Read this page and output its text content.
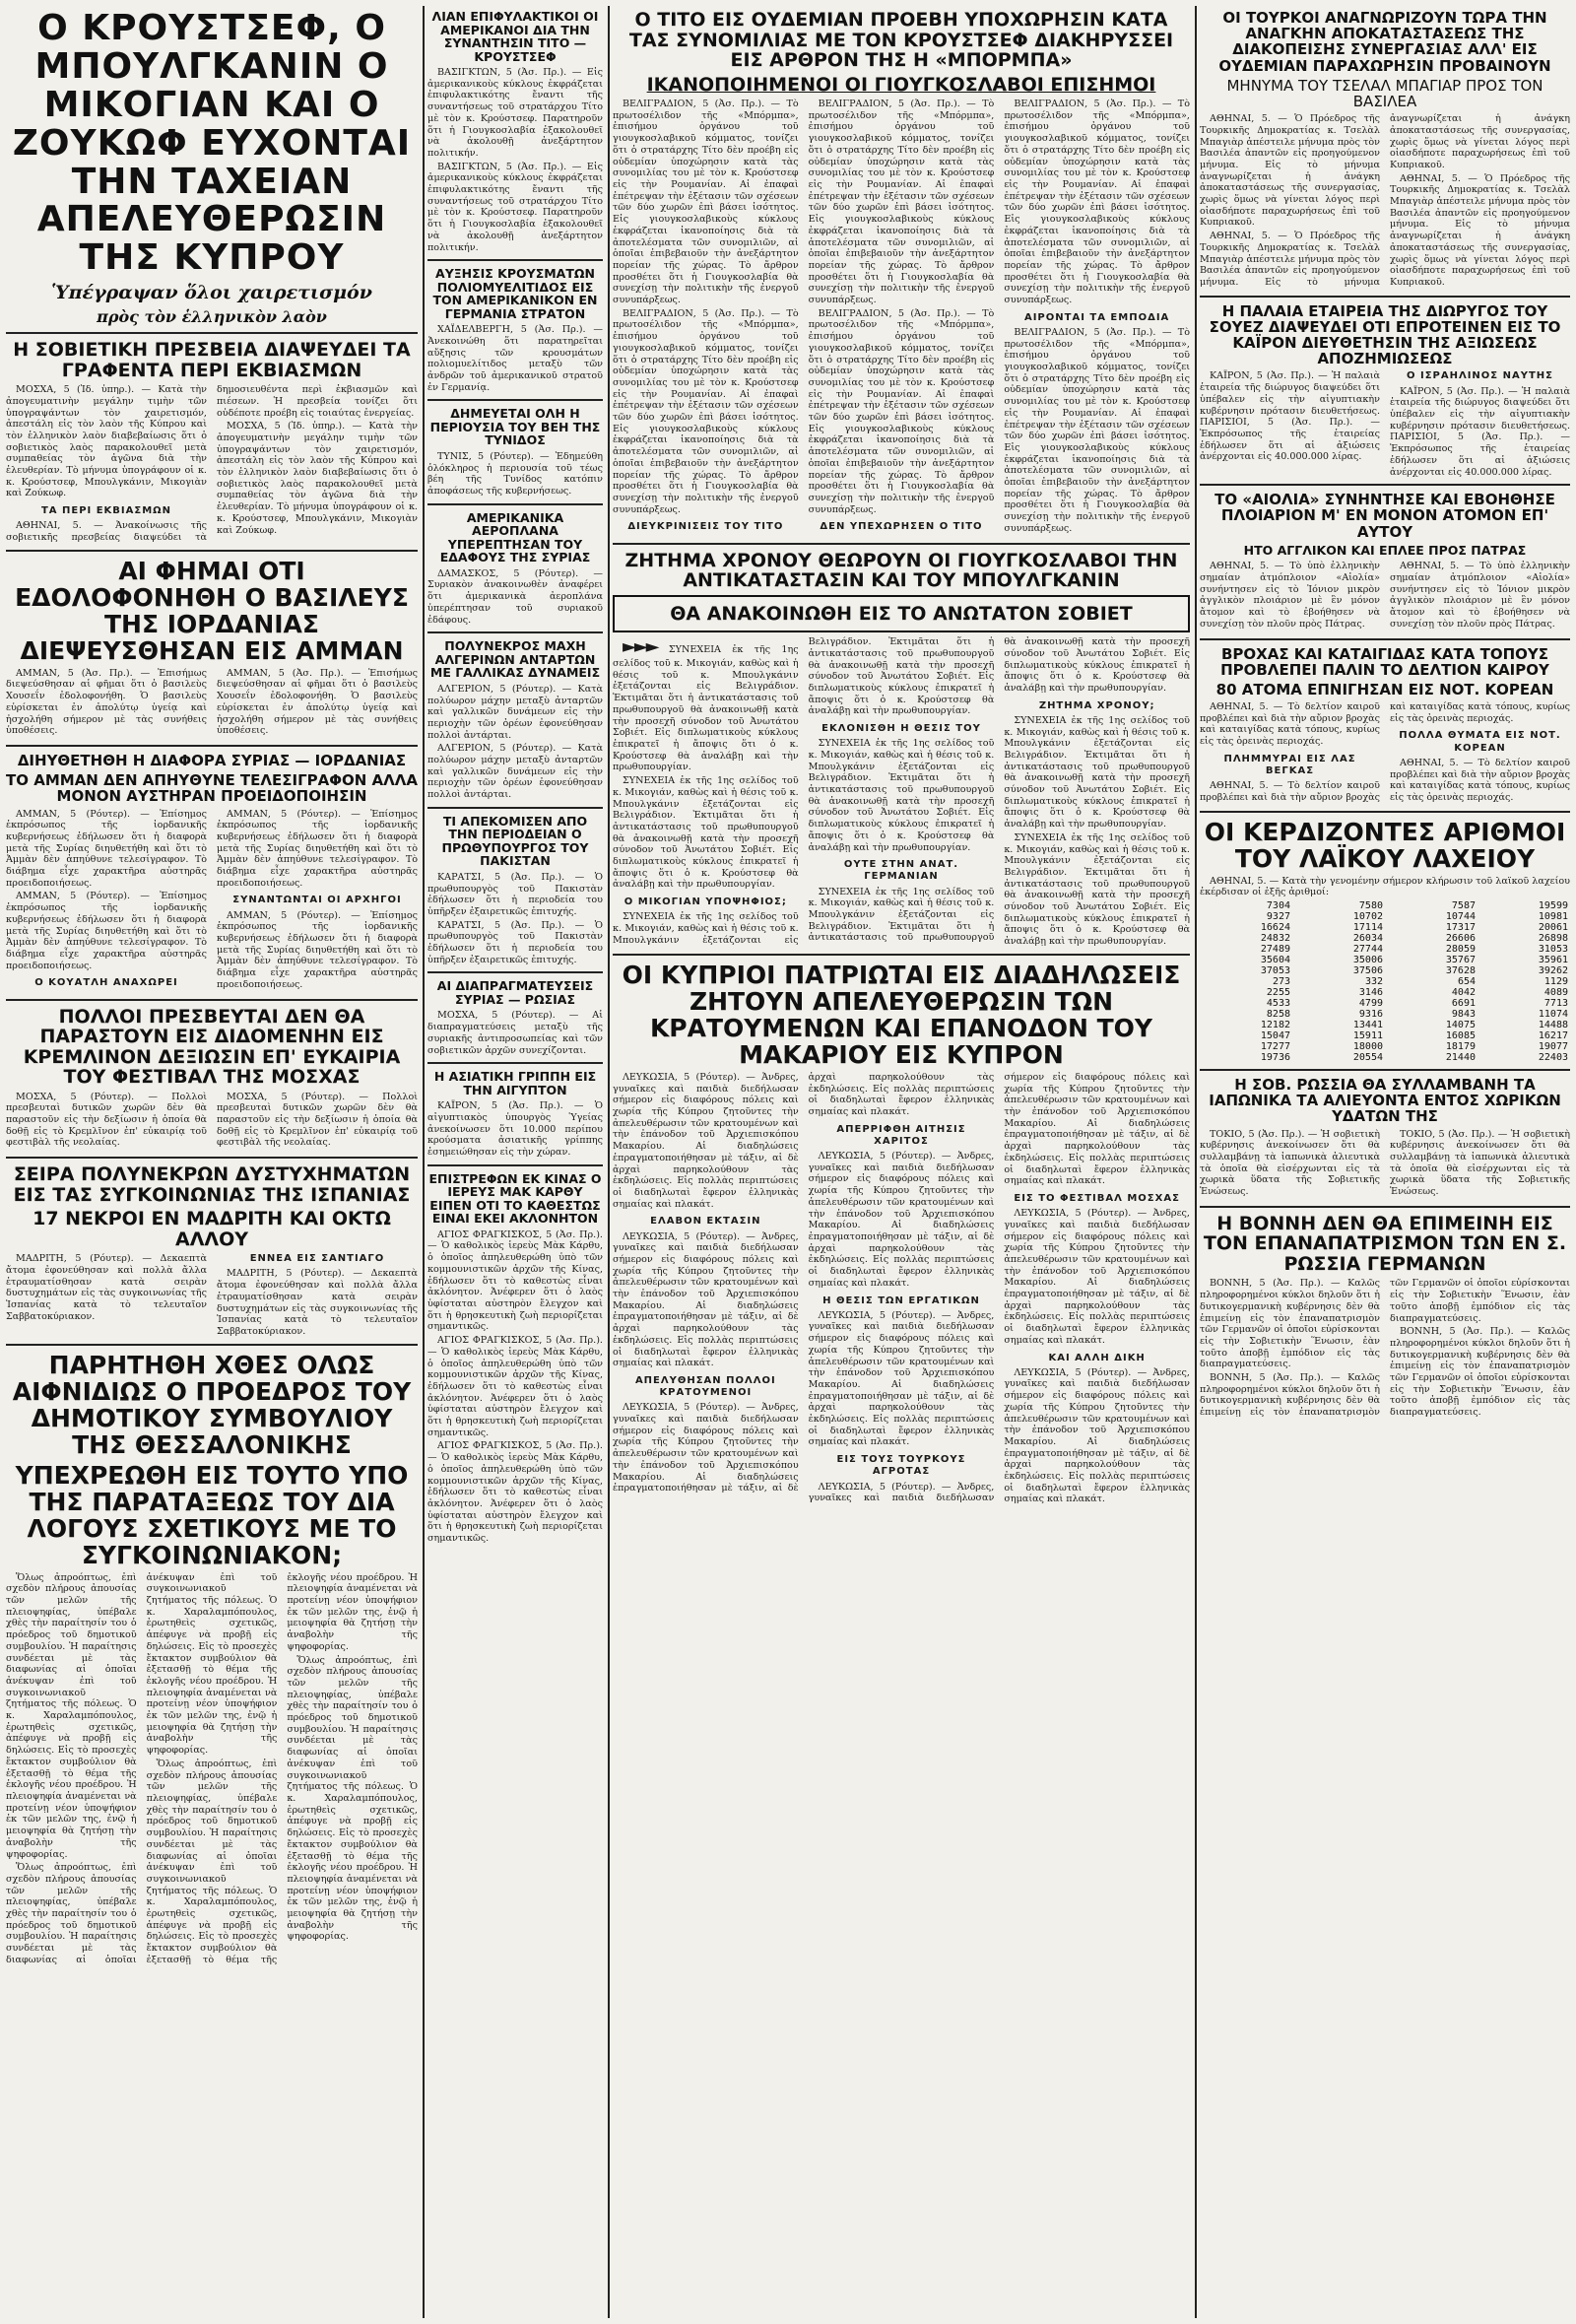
Ο ΚΡΟΥΣΤΣΕΦ, Ο ΜΠΟΥΛΓΚΑΝΙΝ Ο ΜΙΚΟΓΙΑΝ ΚΑΙ Ο ΖΟΥΚΩΦ ΕΥΧΟΝΤΑΙ ΤΗΝ ΤΑΧΕΙΑΝ ΑΠΕΛΕΥΘΕΡΩΣΙΝ ΤΗΣ ΚΥΠΡΟΥ
Ὑπέγραψαν ὅλοι χαιρετισμόν
πρὸς τὸν ἑλληνικὸν λαὸν
Η ΣΟΒΙΕΤΙΚΗ ΠΡΕΣΒΕΙΑ ΔΙΑΨΕΥΔΕΙ ΤΑ ΓΡΑΦΕΝΤΑ ΠΕΡΙ ΕΚΒΙΑΣΜΩΝ

ΜΟΣΧΑ, 5 (Ἰδ. ὑπηρ.). — Κατὰ τὴν ἀπογευματινὴν μεγάλην τιμὴν τῶν ὑπογραψάντων τὸν χαιρετισμόν, ἀπεστάλη εἰς τὸν λαὸν τῆς Κύπρου καὶ τὸν ἑλληνικὸν λαὸν διαβεβαίωσις ὅτι ὁ σοβιετικὸς λαὸς παρακολουθεῖ μετὰ συμπαθείας τὸν ἀγῶνα διὰ τὴν ἐλευθερίαν. Τὸ μήνυμα ὑπογράφουν οἱ κ. κ. Κρούστσεφ, Μπουλγκάνιν, Μικογιὰν καὶ Ζούκωφ.

ΤΑ ΠΕΡΙ ΕΚΒΙΑΣΜΩΝ

ΑΘΗΝΑΙ, 5. — Ἀνακοίνωσις τῆς σοβιετικῆς πρεσβείας διαψεύδει τὰ δημοσιευθέντα περὶ ἐκβιασμῶν καὶ πιέσεων. Ἡ πρεσβεία τονίζει ὅτι οὐδέποτε προέβη εἰς τοιαύτας ἐνεργείας.

ΜΟΣΧΑ, 5 (Ἰδ. ὑπηρ.). — Κατὰ τὴν ἀπογευματινὴν μεγάλην τιμὴν τῶν ὑπογραψάντων τὸν χαιρετισμόν, ἀπεστάλη εἰς τὸν λαὸν τῆς Κύπρου καὶ τὸν ἑλληνικὸν λαὸν διαβεβαίωσις ὅτι ὁ σοβιετικὸς λαὸς παρακολουθεῖ μετὰ συμπαθείας τὸν ἀγῶνα διὰ τὴν ἐλευθερίαν. Τὸ μήνυμα ὑπογράφουν οἱ κ. κ. Κρούστσεφ, Μπουλγκάνιν, Μικογιὰν καὶ Ζούκωφ.

ΑΙ ΦΗΜΑΙ ΟΤΙ ΕΔΟΛΟΦΟΝΗΘΗ Ο ΒΑΣΙΛΕΥΣ ΤΗΣ ΙΟΡΔΑΝΙΑΣ ΔΙΕΨΕΥΣΘΗΣΑΝ ΕΙΣ ΑΜΜΑΝ

ΑΜΜΑΝ, 5 (Ἀσ. Πρ.). — Ἐπισήμως διεψεύσθησαν αἱ φῆμαι ὅτι ὁ βασιλεὺς Χουσεΐν ἐδολοφονήθη. Ὁ βασιλεὺς εὑρίσκεται ἐν ἀπολύτῳ ὑγείᾳ καὶ ἠσχολήθη σήμερον μὲ τὰς συνήθεις ὑποθέσεις.

ΑΜΜΑΝ, 5 (Ἀσ. Πρ.). — Ἐπισήμως διεψεύσθησαν αἱ φῆμαι ὅτι ὁ βασιλεὺς Χουσεΐν ἐδολοφονήθη. Ὁ βασιλεὺς εὑρίσκεται ἐν ἀπολύτῳ ὑγείᾳ καὶ ἠσχολήθη σήμερον μὲ τὰς συνήθεις ὑποθέσεις.

ΔΙΗΥΘΕΤΗΘΗ Η ΔΙΑΦΟΡΑ ΣΥΡΙΑΣ — ΙΟΡΔΑΝΙΑΣ
ΤΟ ΑΜΜΑΝ ΔΕΝ ΑΠΗΥΘΥΝΕ ΤΕΛΕΣΙΓΡΑΦΟΝ ΑΛΛΑ ΜΟΝΟΝ ΑΥΣΤΗΡΑΝ ΠΡΟΕΙΔΟΠΟΙΗΣΙΝ

ΑΜΜΑΝ, 5 (Ρόυτερ). — Ἐπίσημος ἐκπρόσωπος τῆς ἰορδανικῆς κυβερνήσεως ἐδήλωσεν ὅτι ἡ διαφορὰ μετὰ τῆς Συρίας διηυθετήθη καὶ ὅτι τὸ Ἀμμὰν δὲν ἀπηύθυνε τελεσίγραφον. Τὸ διάβημα εἶχε χαρακτῆρα αὐστηρᾶς προειδοποιήσεως.

ΑΜΜΑΝ, 5 (Ρόυτερ). — Ἐπίσημος ἐκπρόσωπος τῆς ἰορδανικῆς κυβερνήσεως ἐδήλωσεν ὅτι ἡ διαφορὰ μετὰ τῆς Συρίας διηυθετήθη καὶ ὅτι τὸ Ἀμμὰν δὲν ἀπηύθυνε τελεσίγραφον. Τὸ διάβημα εἶχε χαρακτῆρα αὐστηρᾶς προειδοποιήσεως.

Ο ΚΟΥΑΤΛΗ ΑΝΑΧΩΡΕΙ

ΑΜΜΑΝ, 5 (Ρόυτερ). — Ἐπίσημος ἐκπρόσωπος τῆς ἰορδανικῆς κυβερνήσεως ἐδήλωσεν ὅτι ἡ διαφορὰ μετὰ τῆς Συρίας διηυθετήθη καὶ ὅτι τὸ Ἀμμὰν δὲν ἀπηύθυνε τελεσίγραφον. Τὸ διάβημα εἶχε χαρακτῆρα αὐστηρᾶς προειδοποιήσεως.

ΣΥΝΑΝΤΩΝΤΑΙ ΟΙ ΑΡΧΗΓΟΙ

ΑΜΜΑΝ, 5 (Ρόυτερ). — Ἐπίσημος ἐκπρόσωπος τῆς ἰορδανικῆς κυβερνήσεως ἐδήλωσεν ὅτι ἡ διαφορὰ μετὰ τῆς Συρίας διηυθετήθη καὶ ὅτι τὸ Ἀμμὰν δὲν ἀπηύθυνε τελεσίγραφον. Τὸ διάβημα εἶχε χαρακτῆρα αὐστηρᾶς προειδοποιήσεως.

ΠΟΛΛΟΙ ΠΡΕΣΒΕΥΤΑΙ ΔΕΝ ΘΑ ΠΑΡΑΣΤΟΥΝ ΕΙΣ ΔΙΔΟΜΕΝΗΝ ΕΙΣ ΚΡΕΜΛΙΝΟΝ ΔΕΞΙΩΣΙΝ ΕΠ' ΕΥΚΑΙΡΙΑ ΤΟΥ ΦΕΣΤΙΒΑΛ ΤΗΣ ΜΟΣΧΑΣ

ΜΟΣΧΑ, 5 (Ρόυτερ). — Πολλοὶ πρεσβευταὶ δυτικῶν χωρῶν δὲν θὰ παραστοῦν εἰς τὴν δεξίωσιν ἡ ὁποία θὰ δοθῇ εἰς τὸ Κρεμλῖνον ἐπ' εὐκαιρίᾳ τοῦ φεστιβὰλ τῆς νεολαίας.

ΜΟΣΧΑ, 5 (Ρόυτερ). — Πολλοὶ πρεσβευταὶ δυτικῶν χωρῶν δὲν θὰ παραστοῦν εἰς τὴν δεξίωσιν ἡ ὁποία θὰ δοθῇ εἰς τὸ Κρεμλῖνον ἐπ' εὐκαιρίᾳ τοῦ φεστιβὰλ τῆς νεολαίας.

ΣΕΙΡΑ ΠΟΛΥΝΕΚΡΩΝ ΔΥΣΤΥΧΗΜΑΤΩΝ ΕΙΣ ΤΑΣ ΣΥΓΚΟΙΝΩΝΙΑΣ ΤΗΣ ΙΣΠΑΝΙΑΣ
17 ΝΕΚΡΟΙ ΕΝ ΜΑΔΡΙΤΗ ΚΑΙ ΟΚΤΩ ΑΛΛΟΥ

ΜΑΔΡΙΤΗ, 5 (Ρόυτερ). — Δεκαεπτὰ ἄτομα ἐφονεύθησαν καὶ πολλὰ ἄλλα ἐτραυματίσθησαν κατὰ σειρὰν δυστυχημάτων εἰς τὰς συγκοινωνίας τῆς Ἰσπανίας κατὰ τὸ τελευταῖον Σαββατοκύριακον.

ΕΝΝΕΑ ΕΙΣ ΣΑΝΤΙΑΓΟ

ΜΑΔΡΙΤΗ, 5 (Ρόυτερ). — Δεκαεπτὰ ἄτομα ἐφονεύθησαν καὶ πολλὰ ἄλλα ἐτραυματίσθησαν κατὰ σειρὰν δυστυχημάτων εἰς τὰς συγκοινωνίας τῆς Ἰσπανίας κατὰ τὸ τελευταῖον Σαββατοκύριακον.

ΠΑΡΗΤΗΘΗ ΧΘΕΣ ΟΛΩΣ ΑΙΦΝΙΔΙΩΣ Ο ΠΡΟΕΔΡΟΣ ΤΟΥ ΔΗΜΟΤΙΚΟΥ ΣΥΜΒΟΥΛΙΟΥ ΤΗΣ ΘΕΣΣΑΛΟΝΙΚΗΣ
ΥΠΕΧΡΕΩΘΗ ΕΙΣ ΤΟΥΤΟ ΥΠΟ ΤΗΣ ΠΑΡΑΤΑΞΕΩΣ ΤΟΥ ΔΙΑ ΛΟΓΟΥΣ ΣΧΕΤΙΚΟΥΣ ΜΕ ΤΟ ΣΥΓΚΟΙΝΩΝΙΑΚΟΝ;

Ὅλως ἀπροόπτως, ἐπὶ σχεδὸν πλήρους ἀπουσίας τῶν μελῶν τῆς πλειοψηφίας, ὑπέβαλε χθὲς τὴν παραίτησίν του ὁ πρόεδρος τοῦ δημοτικοῦ συμβουλίου. Ἡ παραίτησις συνδέεται μὲ τὰς διαφωνίας αἱ ὁποῖαι ἀνέκυψαν ἐπὶ τοῦ συγκοινωνιακοῦ ζητήματος τῆς πόλεως. Ὁ κ. Χαραλαμπόπουλος, ἐρωτηθεὶς σχετικῶς, ἀπέφυγε νὰ προβῇ εἰς δηλώσεις. Εἰς τὸ προσεχὲς ἔκτακτον συμβούλιον θὰ ἐξετασθῇ τὸ θέμα τῆς ἐκλογῆς νέου προέδρου. Ἡ πλειοψηφία ἀναμένεται νὰ προτείνῃ νέον ὑποψήφιον ἐκ τῶν μελῶν της, ἐνῷ ἡ μειοψηφία θὰ ζητήσῃ τὴν ἀναβολὴν τῆς ψηφοφορίας.

Ὅλως ἀπροόπτως, ἐπὶ σχεδὸν πλήρους ἀπουσίας τῶν μελῶν τῆς πλειοψηφίας, ὑπέβαλε χθὲς τὴν παραίτησίν του ὁ πρόεδρος τοῦ δημοτικοῦ συμβουλίου. Ἡ παραίτησις συνδέεται μὲ τὰς διαφωνίας αἱ ὁποῖαι ἀνέκυψαν ἐπὶ τοῦ συγκοινωνιακοῦ ζητήματος τῆς πόλεως. Ὁ κ. Χαραλαμπόπουλος, ἐρωτηθεὶς σχετικῶς, ἀπέφυγε νὰ προβῇ εἰς δηλώσεις. Εἰς τὸ προσεχὲς ἔκτακτον συμβούλιον θὰ ἐξετασθῇ τὸ θέμα τῆς ἐκλογῆς νέου προέδρου. Ἡ πλειοψηφία ἀναμένεται νὰ προτείνῃ νέον ὑποψήφιον ἐκ τῶν μελῶν της, ἐνῷ ἡ μειοψηφία θὰ ζητήσῃ τὴν ἀναβολὴν τῆς ψηφοφορίας.

Ὅλως ἀπροόπτως, ἐπὶ σχεδὸν πλήρους ἀπουσίας τῶν μελῶν τῆς πλειοψηφίας, ὑπέβαλε χθὲς τὴν παραίτησίν του ὁ πρόεδρος τοῦ δημοτικοῦ συμβουλίου. Ἡ παραίτησις συνδέεται μὲ τὰς διαφωνίας αἱ ὁποῖαι ἀνέκυψαν ἐπὶ τοῦ συγκοινωνιακοῦ ζητήματος τῆς πόλεως. Ὁ κ. Χαραλαμπόπουλος, ἐρωτηθεὶς σχετικῶς, ἀπέφυγε νὰ προβῇ εἰς δηλώσεις. Εἰς τὸ προσεχὲς ἔκτακτον συμβούλιον θὰ ἐξετασθῇ τὸ θέμα τῆς ἐκλογῆς νέου προέδρου. Ἡ πλειοψηφία ἀναμένεται νὰ προτείνῃ νέον ὑποψήφιον ἐκ τῶν μελῶν της, ἐνῷ ἡ μειοψηφία θὰ ζητήσῃ τὴν ἀναβολὴν τῆς ψηφοφορίας.

Ὅλως ἀπροόπτως, ἐπὶ σχεδὸν πλήρους ἀπουσίας τῶν μελῶν τῆς πλειοψηφίας, ὑπέβαλε χθὲς τὴν παραίτησίν του ὁ πρόεδρος τοῦ δημοτικοῦ συμβουλίου. Ἡ παραίτησις συνδέεται μὲ τὰς διαφωνίας αἱ ὁποῖαι ἀνέκυψαν ἐπὶ τοῦ συγκοινωνιακοῦ ζητήματος τῆς πόλεως. Ὁ κ. Χαραλαμπόπουλος, ἐρωτηθεὶς σχετικῶς, ἀπέφυγε νὰ προβῇ εἰς δηλώσεις. Εἰς τὸ προσεχὲς ἔκτακτον συμβούλιον θὰ ἐξετασθῇ τὸ θέμα τῆς ἐκλογῆς νέου προέδρου. Ἡ πλειοψηφία ἀναμένεται νὰ προτείνῃ νέον ὑποψήφιον ἐκ τῶν μελῶν της, ἐνῷ ἡ μειοψηφία θὰ ζητήσῃ τὴν ἀναβολὴν τῆς ψηφοφορίας.

ΛΙΑΝ ΕΠΙΦΥΛΑΚΤΙΚΟΙ ΟΙ ΑΜΕΡΙΚΑΝΟΙ ΔΙΑ ΤΗΝ ΣΥΝΑΝΤΗΣΙΝ ΤΙΤΟ — ΚΡΟΥΣΤΣΕΦ

ΒΑΣΙΓΚΤΩΝ, 5 (Ἀσ. Πρ.). — Εἰς ἀμερικανικοὺς κύκλους ἐκφράζεται ἐπιφυλακτικότης ἔναντι τῆς συναντήσεως τοῦ στρατάρχου Τίτο μὲ τὸν κ. Κρούστσεφ. Παρατηροῦν ὅτι ἡ Γιουγκοσλαβία ἐξακολουθεῖ νὰ ἀκολουθῇ ἀνεξάρτητον πολιτικήν.

ΒΑΣΙΓΚΤΩΝ, 5 (Ἀσ. Πρ.). — Εἰς ἀμερικανικοὺς κύκλους ἐκφράζεται ἐπιφυλακτικότης ἔναντι τῆς συναντήσεως τοῦ στρατάρχου Τίτο μὲ τὸν κ. Κρούστσεφ. Παρατηροῦν ὅτι ἡ Γιουγκοσλαβία ἐξακολουθεῖ νὰ ἀκολουθῇ ἀνεξάρτητον πολιτικήν.

ΑΥΞΗΣΙΣ ΚΡΟΥΣΜΑΤΩΝ ΠΟΛΙΟΜΥΕΛΙΤΙΔΟΣ ΕΙΣ ΤΟΝ ΑΜΕΡΙΚΑΝΙΚΟΝ ΕΝ ΓΕΡΜΑΝΙΑ ΣΤΡΑΤΟΝ

ΧΑΪΔΕΛΒΕΡΓΗ, 5 (Ἀσ. Πρ.). — Ἀνεκοινώθη ὅτι παρατηρεῖται αὔξησις τῶν κρουσμάτων πολιομυελίτιδος μεταξὺ τῶν ἀνδρῶν τοῦ ἀμερικανικοῦ στρατοῦ ἐν Γερμανίᾳ.

ΔΗΜΕΥΕΤΑΙ ΟΛΗ Η ΠΕΡΙΟΥΣΙΑ ΤΟΥ ΒΕΗ ΤΗΣ ΤΥΝΙΔΟΣ

ΤΥΝΙΣ, 5 (Ρόυτερ). — Ἐδημεύθη ὁλόκληρος ἡ περιουσία τοῦ τέως βέη τῆς Τυνίδος κατόπιν ἀποφάσεως τῆς κυβερνήσεως.

ΑΜΕΡΙΚΑΝΙΚΑ ΑΕΡΟΠΛΑΝΑ ΥΠΕΡΕΠΤΗΣΑΝ ΤΟΥ ΕΔΑΦΟΥΣ ΤΗΣ ΣΥΡΙΑΣ

ΔΑΜΑΣΚΟΣ, 5 (Ρόυτερ). — Συριακὸν ἀνακοινωθὲν ἀναφέρει ὅτι ἀμερικανικὰ ἀεροπλάνα ὑπερέπτησαν τοῦ συριακοῦ ἐδάφους.

ΠΟΛΥΝΕΚΡΟΣ ΜΑΧΗ ΑΛΓΕΡΙΝΩΝ ΑΝΤΑΡΤΩΝ ΜΕ ΓΑΛΛΙΚΑΣ ΔΥΝΑΜΕΙΣ

ΑΛΓΕΡΙΟΝ, 5 (Ρόυτερ). — Κατὰ πολύωρον μάχην μεταξὺ ἀνταρτῶν καὶ γαλλικῶν δυνάμεων εἰς τὴν περιοχὴν τῶν ὀρέων ἐφονεύθησαν πολλοὶ ἀντάρται.

ΑΛΓΕΡΙΟΝ, 5 (Ρόυτερ). — Κατὰ πολύωρον μάχην μεταξὺ ἀνταρτῶν καὶ γαλλικῶν δυνάμεων εἰς τὴν περιοχὴν τῶν ὀρέων ἐφονεύθησαν πολλοὶ ἀντάρται.

ΤΙ ΑΠΕΚΟΜΙΣΕΝ ΑΠΟ ΤΗΝ ΠΕΡΙΟΔΕΙΑΝ Ο ΠΡΩΘΥΠΟΥΡΓΟΣ ΤΟΥ ΠΑΚΙΣΤΑΝ

ΚΑΡΑΤΣΙ, 5 (Ἀσ. Πρ.). — Ὁ πρωθυπουργὸς τοῦ Πακιστὰν ἐδήλωσεν ὅτι ἡ περιοδεία του ὑπῆρξεν ἐξαιρετικῶς ἐπιτυχής.

ΚΑΡΑΤΣΙ, 5 (Ἀσ. Πρ.). — Ὁ πρωθυπουργὸς τοῦ Πακιστὰν ἐδήλωσεν ὅτι ἡ περιοδεία του ὑπῆρξεν ἐξαιρετικῶς ἐπιτυχής.

ΑΙ ΔΙΑΠΡΑΓΜΑΤΕΥΣΕΙΣ ΣΥΡΙΑΣ — ΡΩΣΙΑΣ

ΜΟΣΧΑ, 5 (Ρόυτερ). — Αἱ διαπραγματεύσεις μεταξὺ τῆς συριακῆς ἀντιπροσωπείας καὶ τῶν σοβιετικῶν ἀρχῶν συνεχίζονται.

Η ΑΣΙΑΤΙΚΗ ΓΡΙΠΠΗ ΕΙΣ ΤΗΝ ΑΙΓΥΠΤΟΝ

ΚΑΪΡΟΝ, 5 (Ἀσ. Πρ.). — Ὁ αἰγυπτιακὸς ὑπουργὸς Ὑγείας ἀνεκοίνωσεν ὅτι 10.000 περίπου κρούσματα ἀσιατικῆς γρίππης ἐσημειώθησαν εἰς τὴν χώραν.

ΕΠΙΣΤΡΕΦΩΝ ΕΚ ΚΙΝΑΣ Ο ΙΕΡΕΥΣ ΜΑΚ ΚΑΡΘΥ ΕΙΠΕΝ ΟΤΙ ΤΟ ΚΑΘΕΣΤΩΣ ΕΙΝΑΙ ΕΚΕΙ ΑΚΛΟΝΗΤΟΝ

ΑΓΙΟΣ ΦΡΑΓΚΙΣΚΟΣ, 5 (Ἀσ. Πρ.). — Ὁ καθολικὸς ἱερεὺς Μὰκ Κάρθυ, ὁ ὁποῖος ἀπηλευθερώθη ὑπὸ τῶν κομμουνιστικῶν ἀρχῶν τῆς Κίνας, ἐδήλωσεν ὅτι τὸ καθεστὼς εἶναι ἀκλόνητον. Ἀνέφερεν ὅτι ὁ λαὸς ὑφίσταται αὐστηρὸν ἔλεγχον καὶ ὅτι ἡ θρησκευτικὴ ζωὴ περιορίζεται σημαντικῶς.

ΑΓΙΟΣ ΦΡΑΓΚΙΣΚΟΣ, 5 (Ἀσ. Πρ.). — Ὁ καθολικὸς ἱερεὺς Μὰκ Κάρθυ, ὁ ὁποῖος ἀπηλευθερώθη ὑπὸ τῶν κομμουνιστικῶν ἀρχῶν τῆς Κίνας, ἐδήλωσεν ὅτι τὸ καθεστὼς εἶναι ἀκλόνητον. Ἀνέφερεν ὅτι ὁ λαὸς ὑφίσταται αὐστηρὸν ἔλεγχον καὶ ὅτι ἡ θρησκευτικὴ ζωὴ περιορίζεται σημαντικῶς.

ΑΓΙΟΣ ΦΡΑΓΚΙΣΚΟΣ, 5 (Ἀσ. Πρ.). — Ὁ καθολικὸς ἱερεὺς Μὰκ Κάρθυ, ὁ ὁποῖος ἀπηλευθερώθη ὑπὸ τῶν κομμουνιστικῶν ἀρχῶν τῆς Κίνας, ἐδήλωσεν ὅτι τὸ καθεστὼς εἶναι ἀκλόνητον. Ἀνέφερεν ὅτι ὁ λαὸς ὑφίσταται αὐστηρὸν ἔλεγχον καὶ ὅτι ἡ θρησκευτικὴ ζωὴ περιορίζεται σημαντικῶς.

Ο ΤΙΤΟ ΕΙΣ ΟΥΔΕΜΙΑΝ ΠΡΟΕΒΗ ΥΠΟΧΩΡΗΣΙΝ ΚΑΤΑ ΤΑΣ ΣΥΝΟΜΙΛΙΑΣ ΜΕ ΤΟΝ ΚΡΟΥΣΤΣΕΦ ΔΙΑΚΗΡΥΣΣΕΙ ΕΙΣ ΑΡΘΡΟΝ ΤΗΣ Η «ΜΠΟΡΜΠΑ»
ΙΚΑΝΟΠΟΙΗΜΕΝΟΙ ΟΙ ΓΙΟΥΓΚΟΣΛΑΒΟΙ ΕΠΙΣΗΜΟΙ

ΒΕΛΙΓΡΑΔΙΟΝ, 5 (Ἀσ. Πρ.). — Τὸ πρωτοσέλιδον τῆς «Μπόρμπα», ἐπισήμου ὀργάνου τοῦ γιουγκοσλαβικοῦ κόμματος, τονίζει ὅτι ὁ στρατάρχης Τίτο δὲν προέβη εἰς οὐδεμίαν ὑποχώρησιν κατὰ τὰς συνομιλίας του μὲ τὸν κ. Κρούστσεφ εἰς τὴν Ρουμανίαν. Αἱ ἐπαφαὶ ἐπέτρεψαν τὴν ἐξέτασιν τῶν σχέσεων τῶν δύο χωρῶν ἐπὶ βάσει ἰσότητος. Εἰς γιουγκοσλαβικοὺς κύκλους ἐκφράζεται ἱκανοποίησις διὰ τὰ ἀποτελέσματα τῶν συνομιλιῶν, αἱ ὁποῖαι ἐπιβεβαιοῦν τὴν ἀνεξάρτητον πορείαν τῆς χώρας. Τὸ ἄρθρον προσθέτει ὅτι ἡ Γιουγκοσλαβία θὰ συνεχίσῃ τὴν πολιτικὴν τῆς ἐνεργοῦ συνυπάρξεως.

ΒΕΛΙΓΡΑΔΙΟΝ, 5 (Ἀσ. Πρ.). — Τὸ πρωτοσέλιδον τῆς «Μπόρμπα», ἐπισήμου ὀργάνου τοῦ γιουγκοσλαβικοῦ κόμματος, τονίζει ὅτι ὁ στρατάρχης Τίτο δὲν προέβη εἰς οὐδεμίαν ὑποχώρησιν κατὰ τὰς συνομιλίας του μὲ τὸν κ. Κρούστσεφ εἰς τὴν Ρουμανίαν. Αἱ ἐπαφαὶ ἐπέτρεψαν τὴν ἐξέτασιν τῶν σχέσεων τῶν δύο χωρῶν ἐπὶ βάσει ἰσότητος. Εἰς γιουγκοσλαβικοὺς κύκλους ἐκφράζεται ἱκανοποίησις διὰ τὰ ἀποτελέσματα τῶν συνομιλιῶν, αἱ ὁποῖαι ἐπιβεβαιοῦν τὴν ἀνεξάρτητον πορείαν τῆς χώρας. Τὸ ἄρθρον προσθέτει ὅτι ἡ Γιουγκοσλαβία θὰ συνεχίσῃ τὴν πολιτικὴν τῆς ἐνεργοῦ συνυπάρξεως.

ΔΙΕΥΚΡΙΝΙΣΕΙΣ ΤΟΥ ΤΙΤΟ

ΒΕΛΙΓΡΑΔΙΟΝ, 5 (Ἀσ. Πρ.). — Τὸ πρωτοσέλιδον τῆς «Μπόρμπα», ἐπισήμου ὀργάνου τοῦ γιουγκοσλαβικοῦ κόμματος, τονίζει ὅτι ὁ στρατάρχης Τίτο δὲν προέβη εἰς οὐδεμίαν ὑποχώρησιν κατὰ τὰς συνομιλίας του μὲ τὸν κ. Κρούστσεφ εἰς τὴν Ρουμανίαν. Αἱ ἐπαφαὶ ἐπέτρεψαν τὴν ἐξέτασιν τῶν σχέσεων τῶν δύο χωρῶν ἐπὶ βάσει ἰσότητος. Εἰς γιουγκοσλαβικοὺς κύκλους ἐκφράζεται ἱκανοποίησις διὰ τὰ ἀποτελέσματα τῶν συνομιλιῶν, αἱ ὁποῖαι ἐπιβεβαιοῦν τὴν ἀνεξάρτητον πορείαν τῆς χώρας. Τὸ ἄρθρον προσθέτει ὅτι ἡ Γιουγκοσλαβία θὰ συνεχίσῃ τὴν πολιτικὴν τῆς ἐνεργοῦ συνυπάρξεως.

ΒΕΛΙΓΡΑΔΙΟΝ, 5 (Ἀσ. Πρ.). — Τὸ πρωτοσέλιδον τῆς «Μπόρμπα», ἐπισήμου ὀργάνου τοῦ γιουγκοσλαβικοῦ κόμματος, τονίζει ὅτι ὁ στρατάρχης Τίτο δὲν προέβη εἰς οὐδεμίαν ὑποχώρησιν κατὰ τὰς συνομιλίας του μὲ τὸν κ. Κρούστσεφ εἰς τὴν Ρουμανίαν. Αἱ ἐπαφαὶ ἐπέτρεψαν τὴν ἐξέτασιν τῶν σχέσεων τῶν δύο χωρῶν ἐπὶ βάσει ἰσότητος. Εἰς γιουγκοσλαβικοὺς κύκλους ἐκφράζεται ἱκανοποίησις διὰ τὰ ἀποτελέσματα τῶν συνομιλιῶν, αἱ ὁποῖαι ἐπιβεβαιοῦν τὴν ἀνεξάρτητον πορείαν τῆς χώρας. Τὸ ἄρθρον προσθέτει ὅτι ἡ Γιουγκοσλαβία θὰ συνεχίσῃ τὴν πολιτικὴν τῆς ἐνεργοῦ συνυπάρξεως.

ΔΕΝ ΥΠΕΧΩΡΗΣΕΝ Ο ΤΙΤΟ

ΒΕΛΙΓΡΑΔΙΟΝ, 5 (Ἀσ. Πρ.). — Τὸ πρωτοσέλιδον τῆς «Μπόρμπα», ἐπισήμου ὀργάνου τοῦ γιουγκοσλαβικοῦ κόμματος, τονίζει ὅτι ὁ στρατάρχης Τίτο δὲν προέβη εἰς οὐδεμίαν ὑποχώρησιν κατὰ τὰς συνομιλίας του μὲ τὸν κ. Κρούστσεφ εἰς τὴν Ρουμανίαν. Αἱ ἐπαφαὶ ἐπέτρεψαν τὴν ἐξέτασιν τῶν σχέσεων τῶν δύο χωρῶν ἐπὶ βάσει ἰσότητος. Εἰς γιουγκοσλαβικοὺς κύκλους ἐκφράζεται ἱκανοποίησις διὰ τὰ ἀποτελέσματα τῶν συνομιλιῶν, αἱ ὁποῖαι ἐπιβεβαιοῦν τὴν ἀνεξάρτητον πορείαν τῆς χώρας. Τὸ ἄρθρον προσθέτει ὅτι ἡ Γιουγκοσλαβία θὰ συνεχίσῃ τὴν πολιτικὴν τῆς ἐνεργοῦ συνυπάρξεως.

ΑΙΡΟΝΤΑΙ ΤΑ ΕΜΠΟΔΙΑ

ΒΕΛΙΓΡΑΔΙΟΝ, 5 (Ἀσ. Πρ.). — Τὸ πρωτοσέλιδον τῆς «Μπόρμπα», ἐπισήμου ὀργάνου τοῦ γιουγκοσλαβικοῦ κόμματος, τονίζει ὅτι ὁ στρατάρχης Τίτο δὲν προέβη εἰς οὐδεμίαν ὑποχώρησιν κατὰ τὰς συνομιλίας του μὲ τὸν κ. Κρούστσεφ εἰς τὴν Ρουμανίαν. Αἱ ἐπαφαὶ ἐπέτρεψαν τὴν ἐξέτασιν τῶν σχέσεων τῶν δύο χωρῶν ἐπὶ βάσει ἰσότητος. Εἰς γιουγκοσλαβικοὺς κύκλους ἐκφράζεται ἱκανοποίησις διὰ τὰ ἀποτελέσματα τῶν συνομιλιῶν, αἱ ὁποῖαι ἐπιβεβαιοῦν τὴν ἀνεξάρτητον πορείαν τῆς χώρας. Τὸ ἄρθρον προσθέτει ὅτι ἡ Γιουγκοσλαβία θὰ συνεχίσῃ τὴν πολιτικὴν τῆς ἐνεργοῦ συνυπάρξεως.

ΖΗΤΗΜΑ ΧΡΟΝΟΥ ΘΕΩΡΟΥΝ ΟΙ ΓΙΟΥΓΚΟΣΛΑΒΟΙ ΤΗΝ ΑΝΤΙΚΑΤΑΣΤΑΣΙΝ ΚΑΙ ΤΟΥ ΜΠΟΥΛΓΚΑΝΙΝ
ΘΑ ΑΝΑΚΟΙΝΩΘΗ ΕΙΣ ΤΟ ΑΝΩΤΑΤΟΝ ΣΟΒΙΕΤ

►►► ΣΥΝΕΧΕΙΑ ἐκ τῆς 1ης σελίδος τοῦ κ. Μικογιάν, καθὼς καὶ ἡ θέσις τοῦ κ. Μπουλγκάνιν ἐξετάζονται εἰς Βελιγράδιον. Ἐκτιμᾶται ὅτι ἡ ἀντικατάστασις τοῦ πρωθυπουργοῦ θὰ ἀνακοινωθῇ κατὰ τὴν προσεχῆ σύνοδον τοῦ Ἀνωτάτου Σοβιέτ. Εἰς διπλωματικοὺς κύκλους ἐπικρατεῖ ἡ ἄποψις ὅτι ὁ κ. Κρούστσεφ θὰ ἀναλάβῃ καὶ τὴν πρωθυπουργίαν.

ΣΥΝΕΧΕΙΑ ἐκ τῆς 1ης σελίδος τοῦ κ. Μικογιάν, καθὼς καὶ ἡ θέσις τοῦ κ. Μπουλγκάνιν ἐξετάζονται εἰς Βελιγράδιον. Ἐκτιμᾶται ὅτι ἡ ἀντικατάστασις τοῦ πρωθυπουργοῦ θὰ ἀνακοινωθῇ κατὰ τὴν προσεχῆ σύνοδον τοῦ Ἀνωτάτου Σοβιέτ. Εἰς διπλωματικοὺς κύκλους ἐπικρατεῖ ἡ ἄποψις ὅτι ὁ κ. Κρούστσεφ θὰ ἀναλάβῃ καὶ τὴν πρωθυπουργίαν.

Ο ΜΙΚΟΓΙΑΝ ΥΠΟΨΗΦΙΟΣ;

ΣΥΝΕΧΕΙΑ ἐκ τῆς 1ης σελίδος τοῦ κ. Μικογιάν, καθὼς καὶ ἡ θέσις τοῦ κ. Μπουλγκάνιν ἐξετάζονται εἰς Βελιγράδιον. Ἐκτιμᾶται ὅτι ἡ ἀντικατάστασις τοῦ πρωθυπουργοῦ θὰ ἀνακοινωθῇ κατὰ τὴν προσεχῆ σύνοδον τοῦ Ἀνωτάτου Σοβιέτ. Εἰς διπλωματικοὺς κύκλους ἐπικρατεῖ ἡ ἄποψις ὅτι ὁ κ. Κρούστσεφ θὰ ἀναλάβῃ καὶ τὴν πρωθυπουργίαν.

ΕΚΛΟΝΙΣΘΗ Η ΘΕΣΙΣ ΤΟΥ

ΣΥΝΕΧΕΙΑ ἐκ τῆς 1ης σελίδος τοῦ κ. Μικογιάν, καθὼς καὶ ἡ θέσις τοῦ κ. Μπουλγκάνιν ἐξετάζονται εἰς Βελιγράδιον. Ἐκτιμᾶται ὅτι ἡ ἀντικατάστασις τοῦ πρωθυπουργοῦ θὰ ἀνακοινωθῇ κατὰ τὴν προσεχῆ σύνοδον τοῦ Ἀνωτάτου Σοβιέτ. Εἰς διπλωματικοὺς κύκλους ἐπικρατεῖ ἡ ἄποψις ὅτι ὁ κ. Κρούστσεφ θὰ ἀναλάβῃ καὶ τὴν πρωθυπουργίαν.

ΟΥΤΕ ΣΤΗΝ ΑΝΑΤ. ΓΕΡΜΑΝΙΑΝ

ΣΥΝΕΧΕΙΑ ἐκ τῆς 1ης σελίδος τοῦ κ. Μικογιάν, καθὼς καὶ ἡ θέσις τοῦ κ. Μπουλγκάνιν ἐξετάζονται εἰς Βελιγράδιον. Ἐκτιμᾶται ὅτι ἡ ἀντικατάστασις τοῦ πρωθυπουργοῦ θὰ ἀνακοινωθῇ κατὰ τὴν προσεχῆ σύνοδον τοῦ Ἀνωτάτου Σοβιέτ. Εἰς διπλωματικοὺς κύκλους ἐπικρατεῖ ἡ ἄποψις ὅτι ὁ κ. Κρούστσεφ θὰ ἀναλάβῃ καὶ τὴν πρωθυπουργίαν.

ΖΗΤΗΜΑ ΧΡΟΝΟΥ;

ΣΥΝΕΧΕΙΑ ἐκ τῆς 1ης σελίδος τοῦ κ. Μικογιάν, καθὼς καὶ ἡ θέσις τοῦ κ. Μπουλγκάνιν ἐξετάζονται εἰς Βελιγράδιον. Ἐκτιμᾶται ὅτι ἡ ἀντικατάστασις τοῦ πρωθυπουργοῦ θὰ ἀνακοινωθῇ κατὰ τὴν προσεχῆ σύνοδον τοῦ Ἀνωτάτου Σοβιέτ. Εἰς διπλωματικοὺς κύκλους ἐπικρατεῖ ἡ ἄποψις ὅτι ὁ κ. Κρούστσεφ θὰ ἀναλάβῃ καὶ τὴν πρωθυπουργίαν.

ΣΥΝΕΧΕΙΑ ἐκ τῆς 1ης σελίδος τοῦ κ. Μικογιάν, καθὼς καὶ ἡ θέσις τοῦ κ. Μπουλγκάνιν ἐξετάζονται εἰς Βελιγράδιον. Ἐκτιμᾶται ὅτι ἡ ἀντικατάστασις τοῦ πρωθυπουργοῦ θὰ ἀνακοινωθῇ κατὰ τὴν προσεχῆ σύνοδον τοῦ Ἀνωτάτου Σοβιέτ. Εἰς διπλωματικοὺς κύκλους ἐπικρατεῖ ἡ ἄποψις ὅτι ὁ κ. Κρούστσεφ θὰ ἀναλάβῃ καὶ τὴν πρωθυπουργίαν.

ΟΙ ΚΥΠΡΙΟΙ ΠΑΤΡΙΩΤΑΙ ΕΙΣ ΔΙΑΔΗΛΩΣΕΙΣ ΖΗΤΟΥΝ ΑΠΕΛΕΥΘΕΡΩΣΙΝ ΤΩΝ ΚΡΑΤΟΥΜΕΝΩΝ ΚΑΙ ΕΠΑΝΟΔΟΝ ΤΟΥ ΜΑΚΑΡΙΟΥ ΕΙΣ ΚΥΠΡΟΝ

ΛΕΥΚΩΣΙΑ, 5 (Ρόυτερ). — Ἀνδρες, γυναῖκες καὶ παιδιὰ διεδήλωσαν σήμερον εἰς διαφόρους πόλεις καὶ χωρία τῆς Κύπρου ζητοῦντες τὴν ἀπελευθέρωσιν τῶν κρατουμένων καὶ τὴν ἐπάνοδον τοῦ Ἀρχιεπισκόπου Μακαρίου. Αἱ διαδηλώσεις ἐπραγματοποιήθησαν μὲ τάξιν, αἱ δὲ ἀρχαὶ παρηκολούθουν τὰς ἐκδηλώσεις. Εἰς πολλὰς περιπτώσεις οἱ διαδηλωταὶ ἔφερον ἑλληνικὰς σημαίας καὶ πλακάτ.

ΕΛΑΒΟΝ ΕΚΤΑΣΙΝ

ΛΕΥΚΩΣΙΑ, 5 (Ρόυτερ). — Ἀνδρες, γυναῖκες καὶ παιδιὰ διεδήλωσαν σήμερον εἰς διαφόρους πόλεις καὶ χωρία τῆς Κύπρου ζητοῦντες τὴν ἀπελευθέρωσιν τῶν κρατουμένων καὶ τὴν ἐπάνοδον τοῦ Ἀρχιεπισκόπου Μακαρίου. Αἱ διαδηλώσεις ἐπραγματοποιήθησαν μὲ τάξιν, αἱ δὲ ἀρχαὶ παρηκολούθουν τὰς ἐκδηλώσεις. Εἰς πολλὰς περιπτώσεις οἱ διαδηλωταὶ ἔφερον ἑλληνικὰς σημαίας καὶ πλακάτ.

ΑΠΕΛΥΘΗΣΑΝ ΠΟΛΛΟΙ ΚΡΑΤΟΥΜΕΝΟΙ

ΛΕΥΚΩΣΙΑ, 5 (Ρόυτερ). — Ἀνδρες, γυναῖκες καὶ παιδιὰ διεδήλωσαν σήμερον εἰς διαφόρους πόλεις καὶ χωρία τῆς Κύπρου ζητοῦντες τὴν ἀπελευθέρωσιν τῶν κρατουμένων καὶ τὴν ἐπάνοδον τοῦ Ἀρχιεπισκόπου Μακαρίου. Αἱ διαδηλώσεις ἐπραγματοποιήθησαν μὲ τάξιν, αἱ δὲ ἀρχαὶ παρηκολούθουν τὰς ἐκδηλώσεις. Εἰς πολλὰς περιπτώσεις οἱ διαδηλωταὶ ἔφερον ἑλληνικὰς σημαίας καὶ πλακάτ.

ΑΠΕΡΡΙΦΘΗ ΑΙΤΗΣΙΣ ΧΑΡΙΤΟΣ

ΛΕΥΚΩΣΙΑ, 5 (Ρόυτερ). — Ἀνδρες, γυναῖκες καὶ παιδιὰ διεδήλωσαν σήμερον εἰς διαφόρους πόλεις καὶ χωρία τῆς Κύπρου ζητοῦντες τὴν ἀπελευθέρωσιν τῶν κρατουμένων καὶ τὴν ἐπάνοδον τοῦ Ἀρχιεπισκόπου Μακαρίου. Αἱ διαδηλώσεις ἐπραγματοποιήθησαν μὲ τάξιν, αἱ δὲ ἀρχαὶ παρηκολούθουν τὰς ἐκδηλώσεις. Εἰς πολλὰς περιπτώσεις οἱ διαδηλωταὶ ἔφερον ἑλληνικὰς σημαίας καὶ πλακάτ.

Η ΘΕΣΙΣ ΤΩΝ ΕΡΓΑΤΙΚΩΝ

ΛΕΥΚΩΣΙΑ, 5 (Ρόυτερ). — Ἀνδρες, γυναῖκες καὶ παιδιὰ διεδήλωσαν σήμερον εἰς διαφόρους πόλεις καὶ χωρία τῆς Κύπρου ζητοῦντες τὴν ἀπελευθέρωσιν τῶν κρατουμένων καὶ τὴν ἐπάνοδον τοῦ Ἀρχιεπισκόπου Μακαρίου. Αἱ διαδηλώσεις ἐπραγματοποιήθησαν μὲ τάξιν, αἱ δὲ ἀρχαὶ παρηκολούθουν τὰς ἐκδηλώσεις. Εἰς πολλὰς περιπτώσεις οἱ διαδηλωταὶ ἔφερον ἑλληνικὰς σημαίας καὶ πλακάτ.

ΕΙΣ ΤΟΥΣ ΤΟΥΡΚΟΥΣ ΑΓΡΟΤΑΣ

ΛΕΥΚΩΣΙΑ, 5 (Ρόυτερ). — Ἀνδρες, γυναῖκες καὶ παιδιὰ διεδήλωσαν σήμερον εἰς διαφόρους πόλεις καὶ χωρία τῆς Κύπρου ζητοῦντες τὴν ἀπελευθέρωσιν τῶν κρατουμένων καὶ τὴν ἐπάνοδον τοῦ Ἀρχιεπισκόπου Μακαρίου. Αἱ διαδηλώσεις ἐπραγματοποιήθησαν μὲ τάξιν, αἱ δὲ ἀρχαὶ παρηκολούθουν τὰς ἐκδηλώσεις. Εἰς πολλὰς περιπτώσεις οἱ διαδηλωταὶ ἔφερον ἑλληνικὰς σημαίας καὶ πλακάτ.

ΕΙΣ ΤΟ ΦΕΣΤΙΒΑΛ ΜΟΣΧΑΣ

ΛΕΥΚΩΣΙΑ, 5 (Ρόυτερ). — Ἀνδρες, γυναῖκες καὶ παιδιὰ διεδήλωσαν σήμερον εἰς διαφόρους πόλεις καὶ χωρία τῆς Κύπρου ζητοῦντες τὴν ἀπελευθέρωσιν τῶν κρατουμένων καὶ τὴν ἐπάνοδον τοῦ Ἀρχιεπισκόπου Μακαρίου. Αἱ διαδηλώσεις ἐπραγματοποιήθησαν μὲ τάξιν, αἱ δὲ ἀρχαὶ παρηκολούθουν τὰς ἐκδηλώσεις. Εἰς πολλὰς περιπτώσεις οἱ διαδηλωταὶ ἔφερον ἑλληνικὰς σημαίας καὶ πλακάτ.

ΚΑΙ ΑΛΛΗ ΔΙΚΗ

ΛΕΥΚΩΣΙΑ, 5 (Ρόυτερ). — Ἀνδρες, γυναῖκες καὶ παιδιὰ διεδήλωσαν σήμερον εἰς διαφόρους πόλεις καὶ χωρία τῆς Κύπρου ζητοῦντες τὴν ἀπελευθέρωσιν τῶν κρατουμένων καὶ τὴν ἐπάνοδον τοῦ Ἀρχιεπισκόπου Μακαρίου. Αἱ διαδηλώσεις ἐπραγματοποιήθησαν μὲ τάξιν, αἱ δὲ ἀρχαὶ παρηκολούθουν τὰς ἐκδηλώσεις. Εἰς πολλὰς περιπτώσεις οἱ διαδηλωταὶ ἔφερον ἑλληνικὰς σημαίας καὶ πλακάτ.

ΟΙ ΤΟΥΡΚΟΙ ΑΝΑΓΝΩΡΙΖΟΥΝ ΤΩΡΑ ΤΗΝ ΑΝΑΓΚΗΝ ΑΠΟΚΑΤΑΣΤΑΣΕΩΣ ΤΗΣ ΔΙΑΚΟΠΕΙΣΗΣ ΣΥΝΕΡΓΑΣΙΑΣ ΑΛΛ' ΕΙΣ ΟΥΔΕΜΙΑΝ ΠΑΡΑΧΩΡΗΣΙΝ ΠΡΟΒΑΙΝΟΥΝ
ΜΗΝΥΜΑ ΤΟΥ ΤΣΕΛΑΛ ΜΠΑΓΙΑΡ ΠΡΟΣ ΤΟΝ ΒΑΣΙΛΕΑ

ΑΘΗΝΑΙ, 5. — Ὁ Πρόεδρος τῆς Τουρκικῆς Δημοκρατίας κ. Τσελὰλ Μπαγιὰρ ἀπέστειλε μήνυμα πρὸς τὸν Βασιλέα ἀπαντῶν εἰς προηγούμενον μήνυμα. Εἰς τὸ μήνυμα ἀναγνωρίζεται ἡ ἀνάγκη ἀποκαταστάσεως τῆς συνεργασίας, χωρὶς ὅμως νὰ γίνεται λόγος περὶ οἱασδήποτε παραχωρήσεως ἐπὶ τοῦ Κυπριακοῦ.

ΑΘΗΝΑΙ, 5. — Ὁ Πρόεδρος τῆς Τουρκικῆς Δημοκρατίας κ. Τσελὰλ Μπαγιὰρ ἀπέστειλε μήνυμα πρὸς τὸν Βασιλέα ἀπαντῶν εἰς προηγούμενον μήνυμα. Εἰς τὸ μήνυμα ἀναγνωρίζεται ἡ ἀνάγκη ἀποκαταστάσεως τῆς συνεργασίας, χωρὶς ὅμως νὰ γίνεται λόγος περὶ οἱασδήποτε παραχωρήσεως ἐπὶ τοῦ Κυπριακοῦ.

ΑΘΗΝΑΙ, 5. — Ὁ Πρόεδρος τῆς Τουρκικῆς Δημοκρατίας κ. Τσελὰλ Μπαγιὰρ ἀπέστειλε μήνυμα πρὸς τὸν Βασιλέα ἀπαντῶν εἰς προηγούμενον μήνυμα. Εἰς τὸ μήνυμα ἀναγνωρίζεται ἡ ἀνάγκη ἀποκαταστάσεως τῆς συνεργασίας, χωρὶς ὅμως νὰ γίνεται λόγος περὶ οἱασδήποτε παραχωρήσεως ἐπὶ τοῦ Κυπριακοῦ.

Η ΠΑΛΑΙΑ ΕΤΑΙΡΕΙΑ ΤΗΣ ΔΙΩΡΥΓΟΣ ΤΟΥ ΣΟΥΕΖ ΔΙΑΨΕΥΔΕΙ ΟΤΙ ΕΠΡΟΤΕΙΝΕΝ ΕΙΣ ΤΟ ΚΑΪΡΟΝ ΔΙΕΥΘΕΤΗΣΙΝ ΤΗΣ ΑΞΙΩΣΕΩΣ ΑΠΟΖΗΜΙΩΣΕΩΣ

ΚΑΪΡΟΝ, 5 (Ἀσ. Πρ.). — Ἡ παλαιὰ ἑταιρεία τῆς διώρυγος διαψεύδει ὅτι ὑπέβαλεν εἰς τὴν αἰγυπτιακὴν κυβέρνησιν πρότασιν διευθετήσεως. ΠΑΡΙΣΙΟΙ, 5 (Ἀσ. Πρ.). — Ἐκπρόσωπος τῆς ἑταιρείας ἐδήλωσεν ὅτι αἱ ἀξιώσεις ἀνέρχονται εἰς 40.000.000 λίρας.

Ο ΙΣΡΑΗΛΙΝΟΣ ΝΑΥΤΗΣ

ΚΑΪΡΟΝ, 5 (Ἀσ. Πρ.). — Ἡ παλαιὰ ἑταιρεία τῆς διώρυγος διαψεύδει ὅτι ὑπέβαλεν εἰς τὴν αἰγυπτιακὴν κυβέρνησιν πρότασιν διευθετήσεως. ΠΑΡΙΣΙΟΙ, 5 (Ἀσ. Πρ.). — Ἐκπρόσωπος τῆς ἑταιρείας ἐδήλωσεν ὅτι αἱ ἀξιώσεις ἀνέρχονται εἰς 40.000.000 λίρας.

ΤΟ «ΑΙΟΛΙΑ» ΣΥΝΗΝΤΗΣΕ ΚΑΙ ΕΒΟΗΘΗΣΕ ΠΛΟΙΑΡΙΟΝ Μ' ΕΝ ΜΟΝΟΝ ΑΤΟΜΟΝ ΕΠ' ΑΥΤΟΥ
ΗΤΟ ΑΓΓΛΙΚΟΝ ΚΑΙ ΕΠΛΕΕ ΠΡΟΣ ΠΑΤΡΑΣ

ΑΘΗΝΑΙ, 5. — Τὸ ὑπὸ ἑλληνικὴν σημαίαν ἀτμόπλοιον «Αἰολία» συνήντησεν εἰς τὸ Ἰόνιον μικρὸν ἀγγλικὸν πλοιάριον μὲ ἓν μόνον ἄτομον καὶ τὸ ἐβοήθησεν νὰ συνεχίσῃ τὸν πλοῦν πρὸς Πάτρας.

ΑΘΗΝΑΙ, 5. — Τὸ ὑπὸ ἑλληνικὴν σημαίαν ἀτμόπλοιον «Αἰολία» συνήντησεν εἰς τὸ Ἰόνιον μικρὸν ἀγγλικὸν πλοιάριον μὲ ἓν μόνον ἄτομον καὶ τὸ ἐβοήθησεν νὰ συνεχίσῃ τὸν πλοῦν πρὸς Πάτρας.

ΒΡΟΧΑΣ ΚΑΙ ΚΑΤΑΙΓΙΔΑΣ ΚΑΤΑ ΤΟΠΟΥΣ ΠΡΟΒΛΕΠΕΙ ΠΑΛΙΝ ΤΟ ΔΕΛΤΙΟΝ ΚΑΙΡΟΥ
80 ΑΤΟΜΑ ΕΠΝΙΓΗΣΑΝ ΕΙΣ ΝΟΤ. ΚΟΡΕΑΝ

ΑΘΗΝΑΙ, 5. — Τὸ δελτίον καιροῦ προβλέπει καὶ διὰ τὴν αὔριον βροχὰς καὶ καταιγίδας κατὰ τόπους, κυρίως εἰς τὰς ὀρεινὰς περιοχάς.

ΠΛΗΜΜΥΡΑΙ ΕΙΣ ΛΑΣ ΒΕΓΚΑΣ

ΑΘΗΝΑΙ, 5. — Τὸ δελτίον καιροῦ προβλέπει καὶ διὰ τὴν αὔριον βροχὰς καὶ καταιγίδας κατὰ τόπους, κυρίως εἰς τὰς ὀρεινὰς περιοχάς.

ΠΟΛΛΑ ΘΥΜΑΤΑ ΕΙΣ ΝΟΤ. ΚΟΡΕΑΝ

ΑΘΗΝΑΙ, 5. — Τὸ δελτίον καιροῦ προβλέπει καὶ διὰ τὴν αὔριον βροχὰς καὶ καταιγίδας κατὰ τόπους, κυρίως εἰς τὰς ὀρεινὰς περιοχάς.

ΟΙ ΚΕΡΔΙΖΟΝΤΕΣ ΑΡΙΘΜΟΙ ΤΟΥ ΛΑΪΚΟΥ ΛΑΧΕΙΟΥ

ΑΘΗΝΑΙ, 5. — Κατὰ τὴν γενομένην σήμερον κλήρωσιν τοῦ λαϊκοῦ λαχείου ἐκέρδισαν οἱ ἑξῆς ἀριθμοί:

7304	7580	7587	19599
9327	10702	10744	10981
16624	17114	17317	20061
24832	26034	26606	26898
27489	27744	28059	31053
35604	35006	35767	35961
37053	37506	37628	39262
273	332	654	1129
2255	3146	4042	4089
4533	4799	6691	7713
8258	9316	9843	11074
12182	13441	14075	14488
15047	15911	16085	16217
17277	18000	18179	19077
19736	20554	21440	22403
Η ΣΟΒ. ΡΩΣΣΙΑ ΘΑ ΣΥΛΛΑΜΒΑΝΗ ΤΑ ΙΑΠΩΝΙΚΑ ΤΑ ΑΛΙΕΥΟΝΤΑ ΕΝΤΟΣ ΧΩΡΙΚΩΝ ΥΔΑΤΩΝ ΤΗΣ

ΤΟΚΙΟ, 5 (Ἀσ. Πρ.). — Ἡ σοβιετικὴ κυβέρνησις ἀνεκοίνωσεν ὅτι θὰ συλλαμβάνῃ τὰ ἰαπωνικὰ ἁλιευτικὰ τὰ ὁποῖα θὰ εἰσέρχωνται εἰς τὰ χωρικὰ ὕδατα τῆς Σοβιετικῆς Ἑνώσεως.

ΤΟΚΙΟ, 5 (Ἀσ. Πρ.). — Ἡ σοβιετικὴ κυβέρνησις ἀνεκοίνωσεν ὅτι θὰ συλλαμβάνῃ τὰ ἰαπωνικὰ ἁλιευτικὰ τὰ ὁποῖα θὰ εἰσέρχωνται εἰς τὰ χωρικὰ ὕδατα τῆς Σοβιετικῆς Ἑνώσεως.

Η ΒΟΝΝΗ ΔΕΝ ΘΑ ΕΠΙΜΕΙΝΗ ΕΙΣ ΤΟΝ ΕΠΑΝΑΠΑΤΡΙΣΜΟΝ ΤΩΝ ΕΝ Σ. ΡΩΣΣΙΑ ΓΕΡΜΑΝΩΝ

ΒΟΝΝΗ, 5 (Ἀσ. Πρ.). — Καλῶς πληροφορημένοι κύκλοι δηλοῦν ὅτι ἡ δυτικογερμανικὴ κυβέρνησις δὲν θὰ ἐπιμείνῃ εἰς τὸν ἐπαναπατρισμὸν τῶν Γερμανῶν οἱ ὁποῖοι εὑρίσκονται εἰς τὴν Σοβιετικὴν Ἕνωσιν, ἐὰν τοῦτο ἀποβῇ ἐμπόδιον εἰς τὰς διαπραγματεύσεις.

ΒΟΝΝΗ, 5 (Ἀσ. Πρ.). — Καλῶς πληροφορημένοι κύκλοι δηλοῦν ὅτι ἡ δυτικογερμανικὴ κυβέρνησις δὲν θὰ ἐπιμείνῃ εἰς τὸν ἐπαναπατρισμὸν τῶν Γερμανῶν οἱ ὁποῖοι εὑρίσκονται εἰς τὴν Σοβιετικὴν Ἕνωσιν, ἐὰν τοῦτο ἀποβῇ ἐμπόδιον εἰς τὰς διαπραγματεύσεις.

ΒΟΝΝΗ, 5 (Ἀσ. Πρ.). — Καλῶς πληροφορημένοι κύκλοι δηλοῦν ὅτι ἡ δυτικογερμανικὴ κυβέρνησις δὲν θὰ ἐπιμείνῃ εἰς τὸν ἐπαναπατρισμὸν τῶν Γερμανῶν οἱ ὁποῖοι εὑρίσκονται εἰς τὴν Σοβιετικὴν Ἕνωσιν, ἐὰν τοῦτο ἀποβῇ ἐμπόδιον εἰς τὰς διαπραγματεύσεις.
